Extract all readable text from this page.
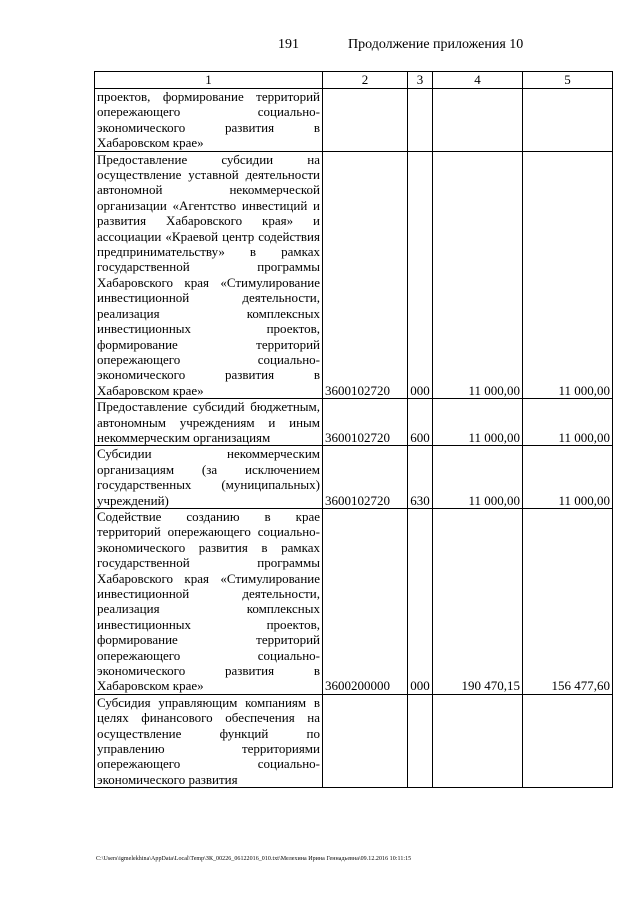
191	Продолжение приложения 10
1	2	3	4	5

проектов, формирование территорий опережающего социально-экономического развития в Хабаровском крае»				

Предоставление субсидии на осуществление уставной деятельности автономной некоммерческой организации «Агентство инвестиций и развития Хабаровского края» и ассоциации «Краевой центр содействия предпринимательству» в рамках государственной программы Хабаровского края «Стимулирование инвестиционной деятельности, реализация комплексных инвестиционных проектов, формирование территорий опережающего социально-экономического развития в Хабаровском крае»	3600102720	000	11 000,00	11 000,00

Предоставление субсидий бюджетным, автономным учреждениям и иным некоммерческим организациям	3600102720	600	11 000,00	11 000,00

Субсидии некоммерческим организациям (за исключением государственных (муниципальных) учреждений)	3600102720	630	11 000,00	11 000,00

Содействие созданию в крае территорий опережающего социально-экономического развития в рамках государственной программы Хабаровского края «Стимулирование инвестиционной деятельности, реализация комплексных инвестиционных проектов, формирование территорий опережающего социально-экономического развития в Хабаровском крае»	3600200000	000	190 470,15	156 477,60

Субсидия управляющим компаниям в целях финансового обеспечения на осуществление функций по управлению территориями опережающего социально-экономического развития				

C:\Users\igmelekhina\AppData\Local\Temp\ЗК_00226_06122016_010.txt\Мелехина Ирина Геннадьевна\09.12.2016 10:11:15
